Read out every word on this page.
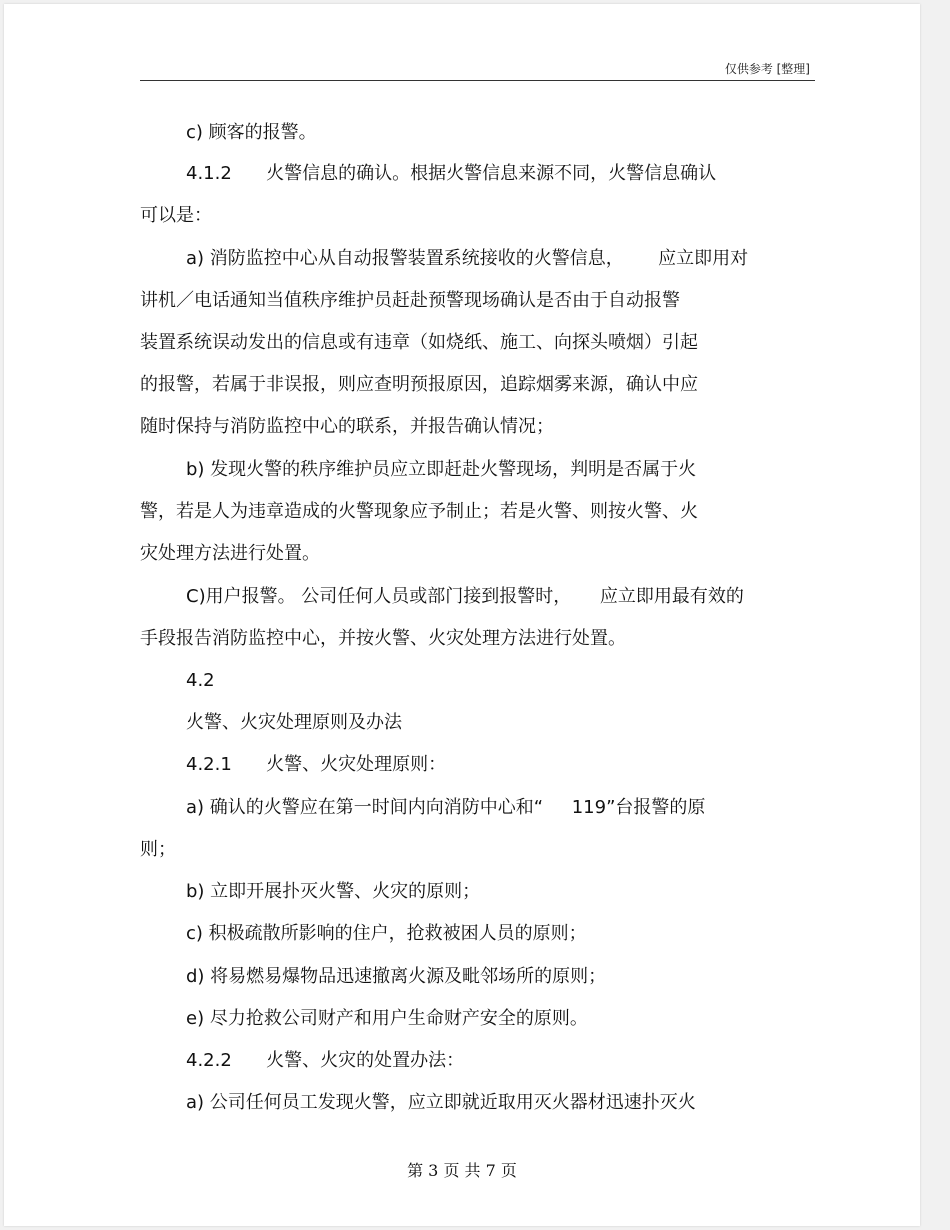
仅供参考 [整理]
c) 顾客的报警。
4.1.2      火警信息的确认。根据火警信息来源不同，火警信息确认
可以是：
a) 消防监控中心从自动报警装置系统接收的火警信息，      应立即用对
讲机／电话通知当值秩序维护员赶赴预警现场确认是否由于自动报警
装置系统误动发出的信息或有违章（如烧纸、施工、向探头喷烟）引起
的报警，若属于非误报，则应查明预报原因，追踪烟雾来源，确认中应
随时保持与消防监控中心的联系，并报告确认情况；
b) 发现火警的秩序维护员应立即赶赴火警现场，判明是否属于火
警，若是人为违章造成的火警现象应予制止；若是火警、则按火警、火
灾处理方法进行处置。
C)用户报警。 公司任何人员或部门接到报警时，     应立即用最有效的
手段报告消防监控中心，并按火警、火灾处理方法进行处置。
4.2
火警、火灾处理原则及办法
4.2.1      火警、火灾处理原则：
a) 确认的火警应在第一时间内向消防中心和“     119”台报警的原
则；
b) 立即开展扑灭火警、火灾的原则；
c) 积极疏散所影响的住户，抢救被困人员的原则；
d) 将易燃易爆物品迅速撤离火源及毗邻场所的原则；
e) 尽力抢救公司财产和用户生命财产安全的原则。
4.2.2      火警、火灾的处置办法：
a) 公司任何员工发现火警，应立即就近取用灭火器材迅速扑灭火
第 3 页 共 7 页
